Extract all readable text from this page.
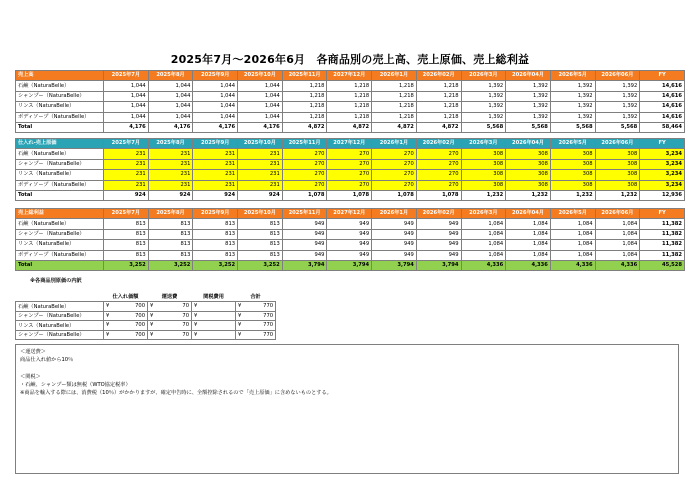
2025年7月～2026年6月　各商品別の売上高、売上原価、売上総利益
売上高	2025年7月	2025年8月	2025年9月	2025年10月	2025年11月	2027年12月	2026年1月	2026年02月	2026年3月	2026年04月	2026年5月	2026年06月	FY
石鹸（NaturaBelle）	1,044	1,044	1,044	1,044	1,218	1,218	1,218	1,218	1,392	1,392	1,392	1,392	14,616
シャンプー（NaturaBelle）	1,044	1,044	1,044	1,044	1,218	1,218	1,218	1,218	1,392	1,392	1,392	1,392	14,616
リンス（NaturaBelle）	1,044	1,044	1,044	1,044	1,218	1,218	1,218	1,218	1,392	1,392	1,392	1,392	14,616
ボディソープ（NaturaBelle）	1,044	1,044	1,044	1,044	1,218	1,218	1,218	1,218	1,392	1,392	1,392	1,392	14,616
Total	4,176	4,176	4,176	4,176	4,872	4,872	4,872	4,872	5,568	5,568	5,568	5,568	58,464
仕入れ-売上原価	2025年7月	2025年8月	2025年9月	2025年10月	2025年11月	2027年12月	2026年1月	2026年02月	2026年3月	2026年04月	2026年5月	2026年06月	FY
石鹸（NaturaBelle）	231	231	231	231	270	270	270	270	308	308	308	308	3,234
シャンプー（NaturaBelle）	231	231	231	231	270	270	270	270	308	308	308	308	3,234
リンス（NaturaBelle）	231	231	231	231	270	270	270	270	308	308	308	308	3,234
ボディソープ（NaturaBelle）	231	231	231	231	270	270	270	270	308	308	308	308	3,234
Total	924	924	924	924	1,078	1,078	1,078	1,078	1,232	1,232	1,232	1,232	12,936
売上総利益	2025年7月	2025年8月	2025年9月	2025年10月	2025年11月	2027年12月	2026年1月	2026年02月	2026年3月	2026年04月	2026年5月	2026年06月	FY
石鹸（NaturaBelle）	813	813	813	813	949	949	949	949	1,084	1,084	1,084	1,084	11,382
シャンプー（NaturaBelle）	813	813	813	813	949	949	949	949	1,084	1,084	1,084	1,084	11,382
リンス（NaturaBelle）	813	813	813	813	949	949	949	949	1,084	1,084	1,084	1,084	11,382
ボディソープ（NaturaBelle）	813	813	813	813	949	949	949	949	1,084	1,084	1,084	1,084	11,382
Total	3,252	3,252	3,252	3,252	3,794	3,794	3,794	3,794	4,336	4,336	4,336	4,336	45,528
※各商品別原価の内訳
	仕入れ価額		運送費		関税費用		合計	
石鹸（NaturaBelle）	¥	700	¥	70	¥		¥	770
シャンプー（NaturaBelle）	¥	700	¥	70	¥		¥	770
リンス（NaturaBelle）	¥	700	¥	70	¥		¥	770
シャンプー（NaturaBelle）	¥	700	¥	70	¥		¥	770
＜運送費＞
商品仕入れ値から10％

＜関税＞
・石鹸、シャンプー類は無税（WTO協定税率）
※商品を輸入する際には、消費税（10％）がかかりますが、確定申告時に、全額控除されるので「売上原価」に含めないものとする。
